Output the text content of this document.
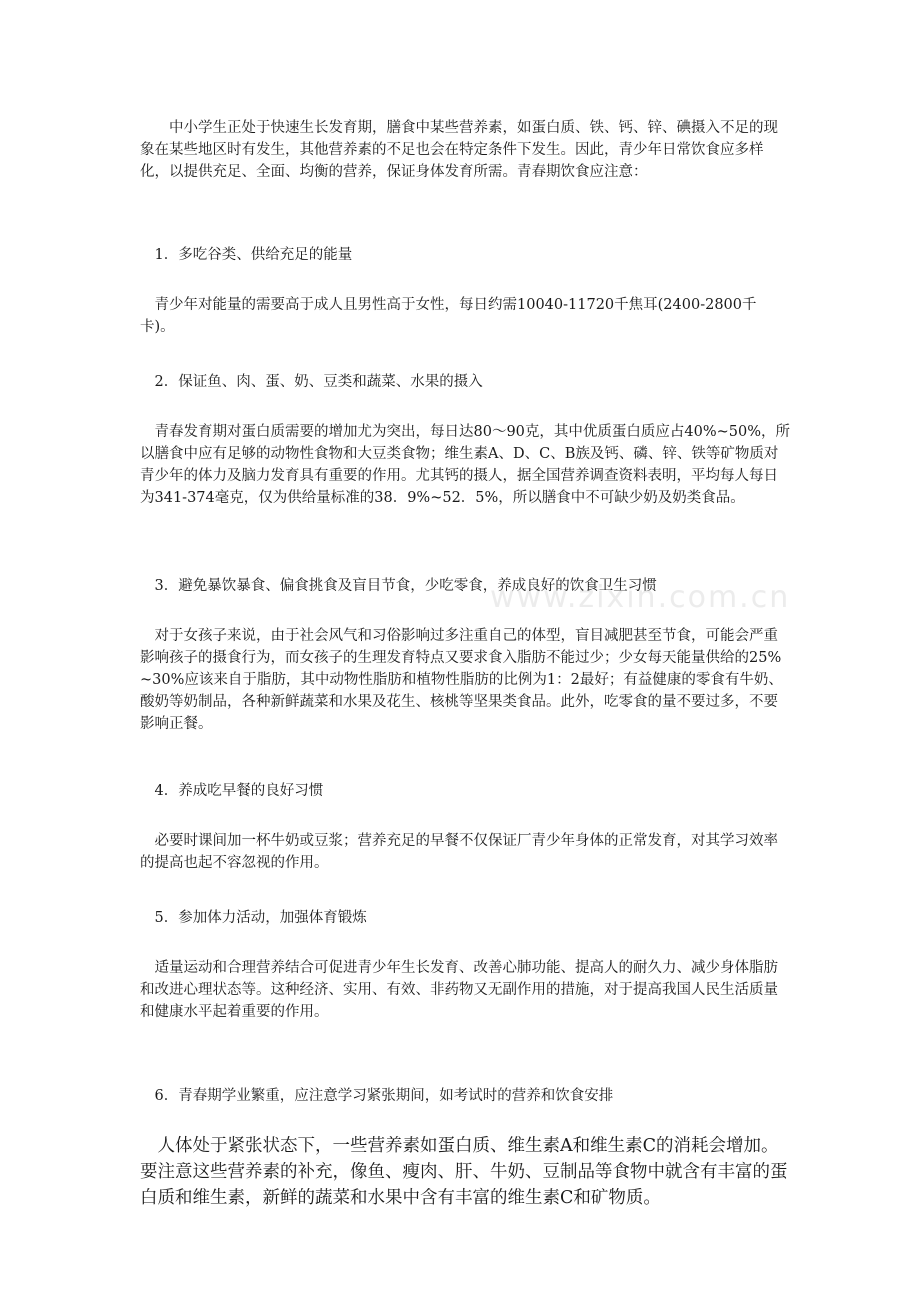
　　中小学生正处于快速生长发育期，膳食中某些营养素，如蛋白质、铁、钙、锌、碘摄入不足的现象在某些地区时有发生，其他营养素的不足也会在特定条件下发生。因此，青少年日常饮食应多样化，以提供充足、全面、均衡的营养，保证身体发育所需。青春期饮食应注意：

　1．多吃谷类、供给充足的能量

　青少年对能量的需要高于成人且男性高于女性，每日约需10040-11720千焦耳(2400-2800千卡)。

　2．保证鱼、肉、蛋、奶、豆类和蔬菜、水果的摄入

　青春发育期对蛋白质需要的增加尤为突出，每日达80～90克，其中优质蛋白质应占40%~50%，所以膳食中应有足够的动物性食物和大豆类食物；维生素A、D、C、B族及钙、磷、锌、铁等矿物质对青少年的体力及脑力发育具有重要的作用。尤其钙的摄人，据全国营养调查资料表明，平均每人每日为341-374毫克，仅为供给量标准的38．9%~52．5%，所以膳食中不可缺少奶及奶类食品。

　3．避免暴饮暴食、偏食挑食及盲目节食，少吃零食，养成良好的饮食卫生习惯

　对于女孩子来说，由于社会风气和习俗影响过多注重自己的体型，盲目减肥甚至节食，可能会严重影响孩子的摄食行为，而女孩子的生理发育特点又要求食入脂肪不能过少；少女每天能量供给的25%~30%应该来自于脂肪，其中动物性脂肪和植物性脂肪的比例为1：2最好；有益健康的零食有牛奶、酸奶等奶制品，各种新鲜蔬菜和水果及花生、核桃等坚果类食品。此外，吃零食的量不要过多，不要影响正餐。

　4．养成吃早餐的良好习惯

　必要时课间加一杯牛奶或豆浆；营养充足的早餐不仅保证厂青少年身体的正常发育，对其学习效率的提高也起不容忽视的作用。

　5．参加体力活动，加强体育锻炼

　适量运动和合理营养结合可促进青少年生长发育、改善心肺功能、提高人的耐久力、减少身体脂肪和改进心理状态等。这种经济、实用、有效、非药物又无副作用的措施，对于提高我国人民生活质量和健康水平起着重要的作用。

　6．青春期学业繁重，应注意学习紧张期间，如考试时的营养和饮食安排

　人体处于紧张状态下，一些营养素如蛋白质、维生素A和维生素C的消耗会增加。要注意这些营养素的补充，像鱼、瘦肉、肝、牛奶、豆制品等食物中就含有丰富的蛋白质和维生素，新鲜的蔬菜和水果中含有丰富的维生素C和矿物质。

www.zixin.com.cn
